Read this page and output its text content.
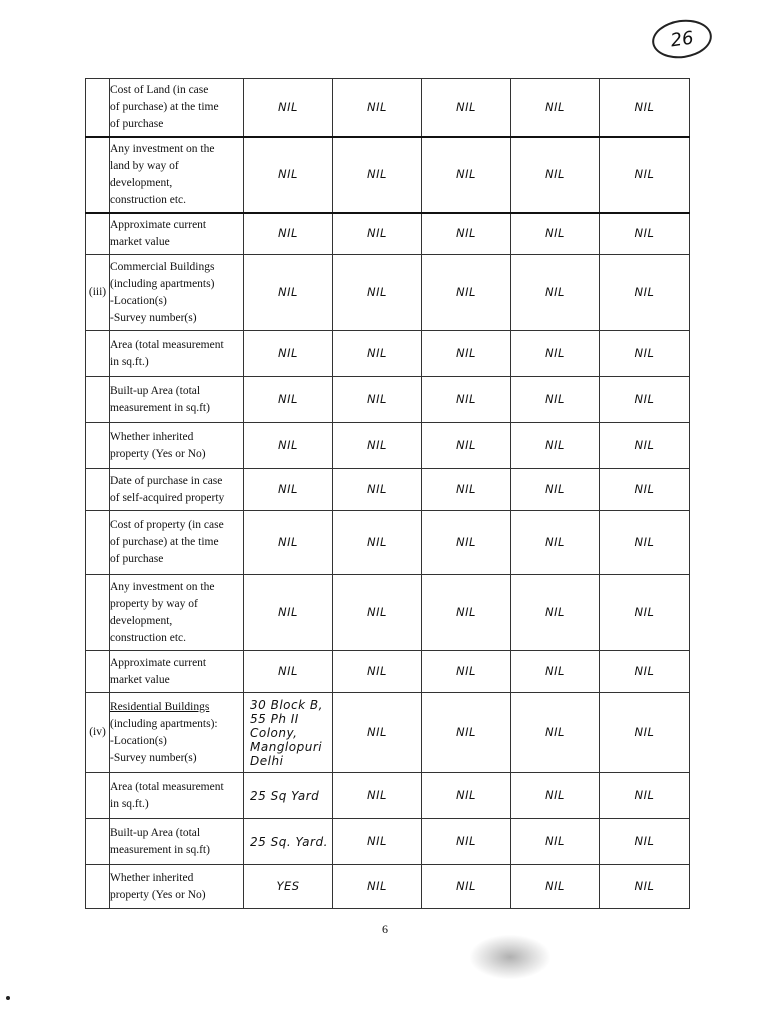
26

	Cost of Land (in case
of purchase) at the time
of purchase	NIL	NIL	NIL	NIL	NIL

	Any investment on the
land by way of
development,
construction etc.	NIL	NIL	NIL	NIL	NIL

	Approximate current
market value	NIL	NIL	NIL	NIL	NIL
(iii)	Commercial Buildings
(including apartments)
-Location(s)
-Survey number(s)	NIL	NIL	NIL	NIL	NIL

	Area (total measurement
in sq.ft.)	NIL	NIL	NIL	NIL	NIL

	Built-up Area (total
measurement in sq.ft)	NIL	NIL	NIL	NIL	NIL

	Whether inherited
property (Yes or No)	NIL	NIL	NIL	NIL	NIL

	Date of purchase in case
of self-acquired property	NIL	NIL	NIL	NIL	NIL

	Cost of property (in case
of purchase) at the time
of purchase	NIL	NIL	NIL	NIL	NIL

	Any investment on the
property by way of
development,
construction etc.	NIL	NIL	NIL	NIL	NIL

	Approximate current
market value	NIL	NIL	NIL	NIL	NIL
(iv)	Residential Buildings
(including apartments):
-Location(s)
-Survey number(s)	30 Block B, 55 Ph II Colony, Manglopuri Delhi	NIL	NIL	NIL	NIL

	Area (total measurement
in sq.ft.)	25 Sq Yard	NIL	NIL	NIL	NIL

	Built-up Area (total
measurement in sq.ft)	25 Sq. Yard.	NIL	NIL	NIL	NIL

	Whether inherited
property (Yes or No)	YES	NIL	NIL	NIL	NIL
6
